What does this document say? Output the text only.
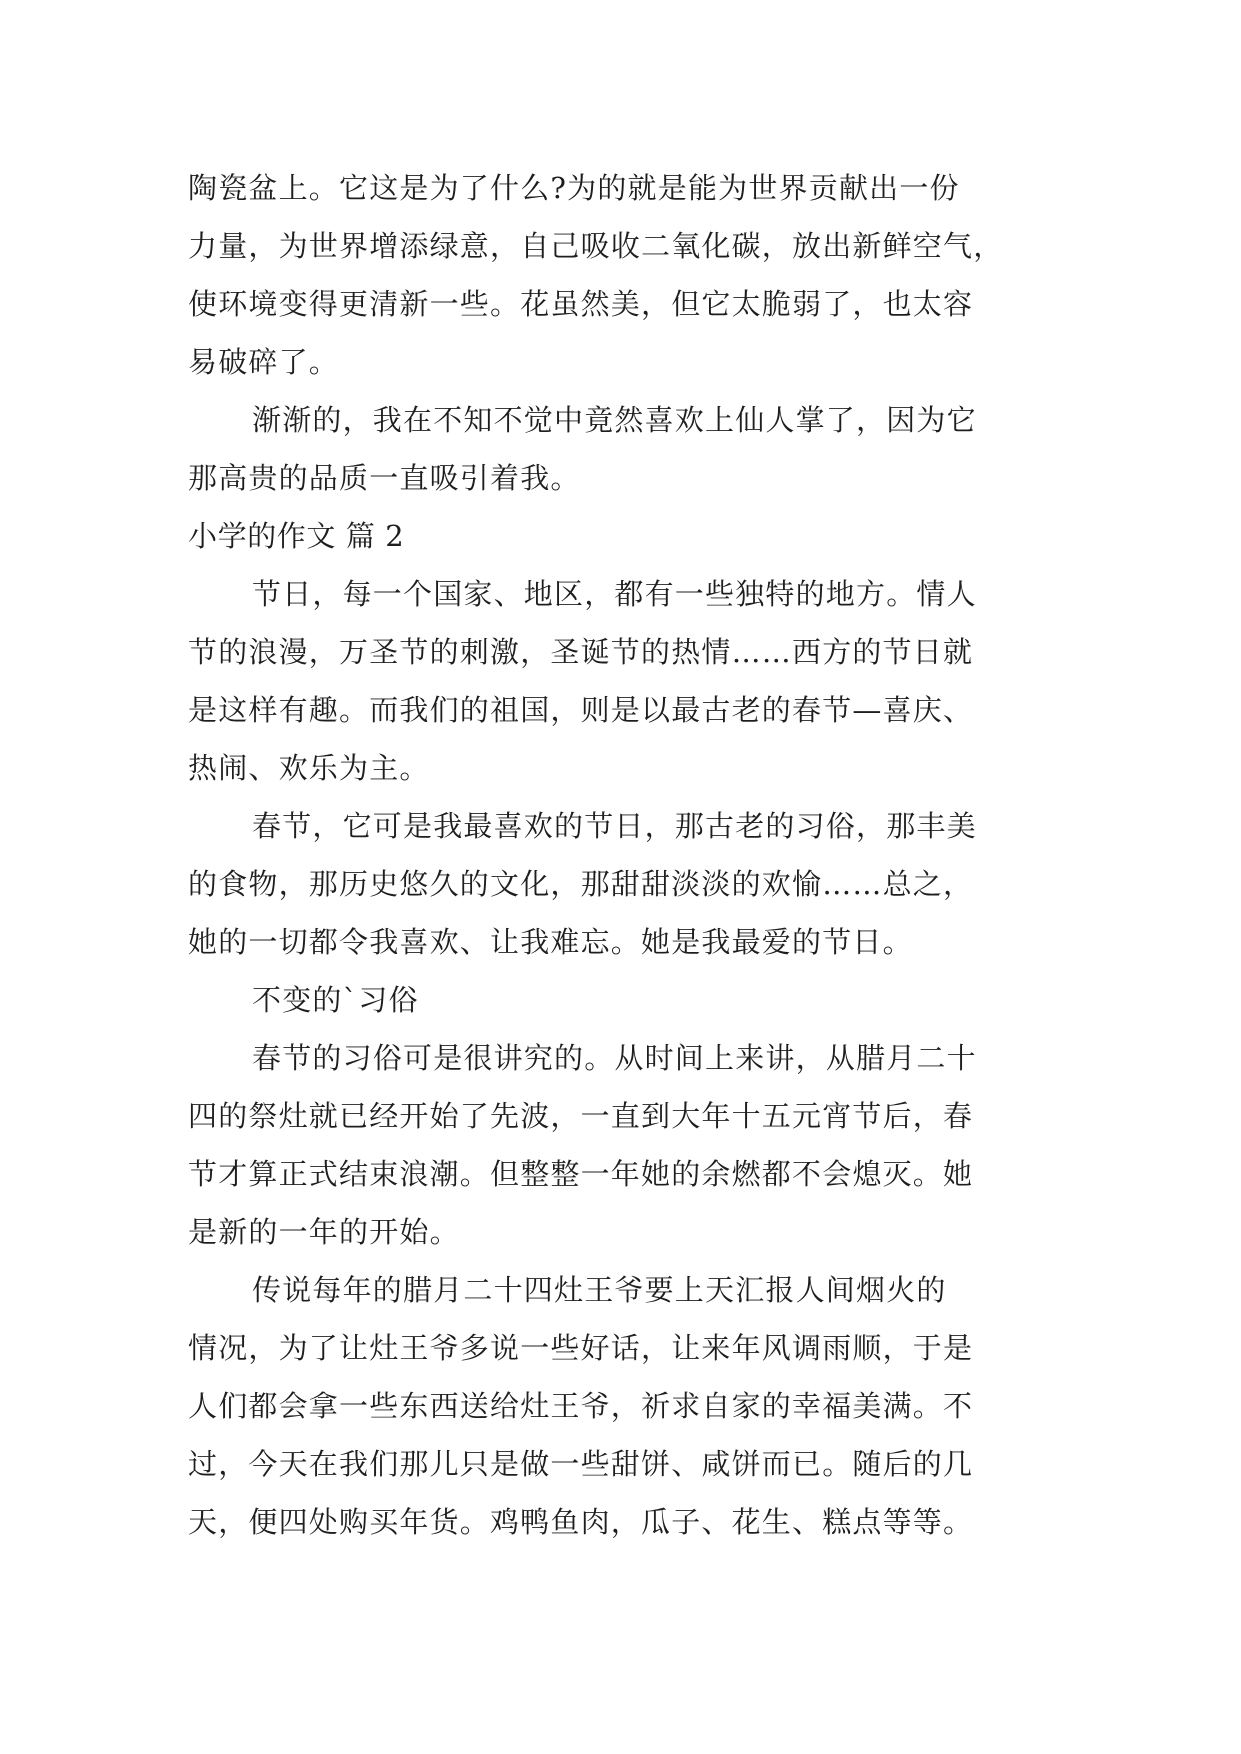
陶瓷盆上。它这是为了什么?为的就是能为世界贡献出一份
力量，为世界增添绿意，自己吸收二氧化碳，放出新鲜空气，
使环境变得更清新一些。花虽然美，但它太脆弱了，也太容
易破碎了。
渐渐的，我在不知不觉中竟然喜欢上仙人掌了，因为它
那高贵的品质一直吸引着我。
小学的作文 篇 2
节日，每一个国家、地区，都有一些独特的地方。情人
节的浪漫，万圣节的刺激，圣诞节的热情……西方的节日就
是这样有趣。而我们的祖国，则是以最古老的春节—喜庆、
热闹、欢乐为主。
春节，它可是我最喜欢的节日，那古老的习俗，那丰美
的食物，那历史悠久的文化，那甜甜淡淡的欢愉……总之，
她的一切都令我喜欢、让我难忘。她是我最爱的节日。
不变的`习俗
春节的习俗可是很讲究的。从时间上来讲，从腊月二十
四的祭灶就已经开始了先波，一直到大年十五元宵节后，春
节才算正式结束浪潮。但整整一年她的余燃都不会熄灭。她
是新的一年的开始。
传说每年的腊月二十四灶王爷要上天汇报人间烟火的
情况，为了让灶王爷多说一些好话，让来年风调雨顺，于是
人们都会拿一些东西送给灶王爷，祈求自家的幸福美满。不
过，今天在我们那儿只是做一些甜饼、咸饼而已。随后的几
天，便四处购买年货。鸡鸭鱼肉，瓜子、花生、糕点等等。
